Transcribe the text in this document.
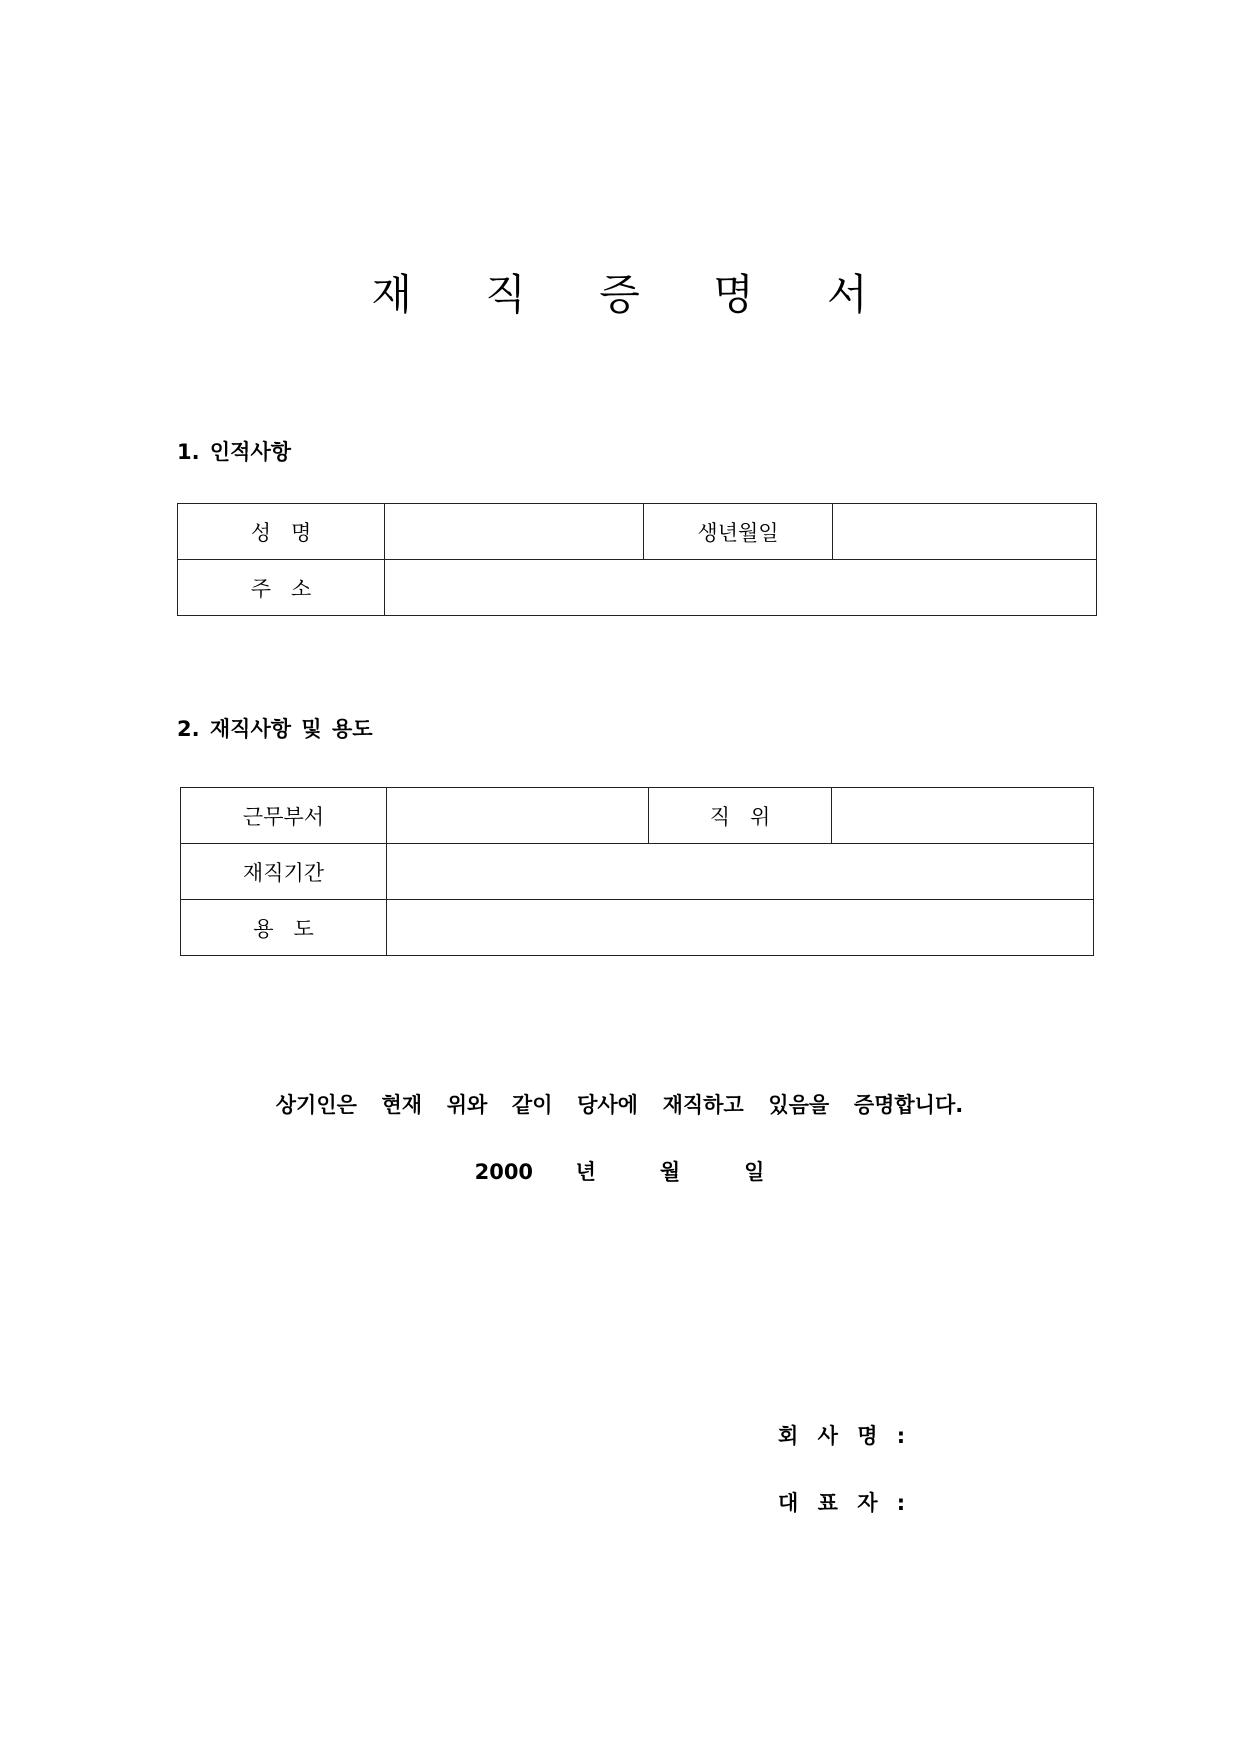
재 직 증 명 서
1. 인적사항
성   명		생년월일	
주   소			
2. 재직사항 및 용도
근무부서		직   위	
재직기간			
용   도			
상기인은  현재  위와  같이  당사에  재직하고  있음을  증명합니다.
2000  년   월   일
회 사 명 :
대 표 자 :
